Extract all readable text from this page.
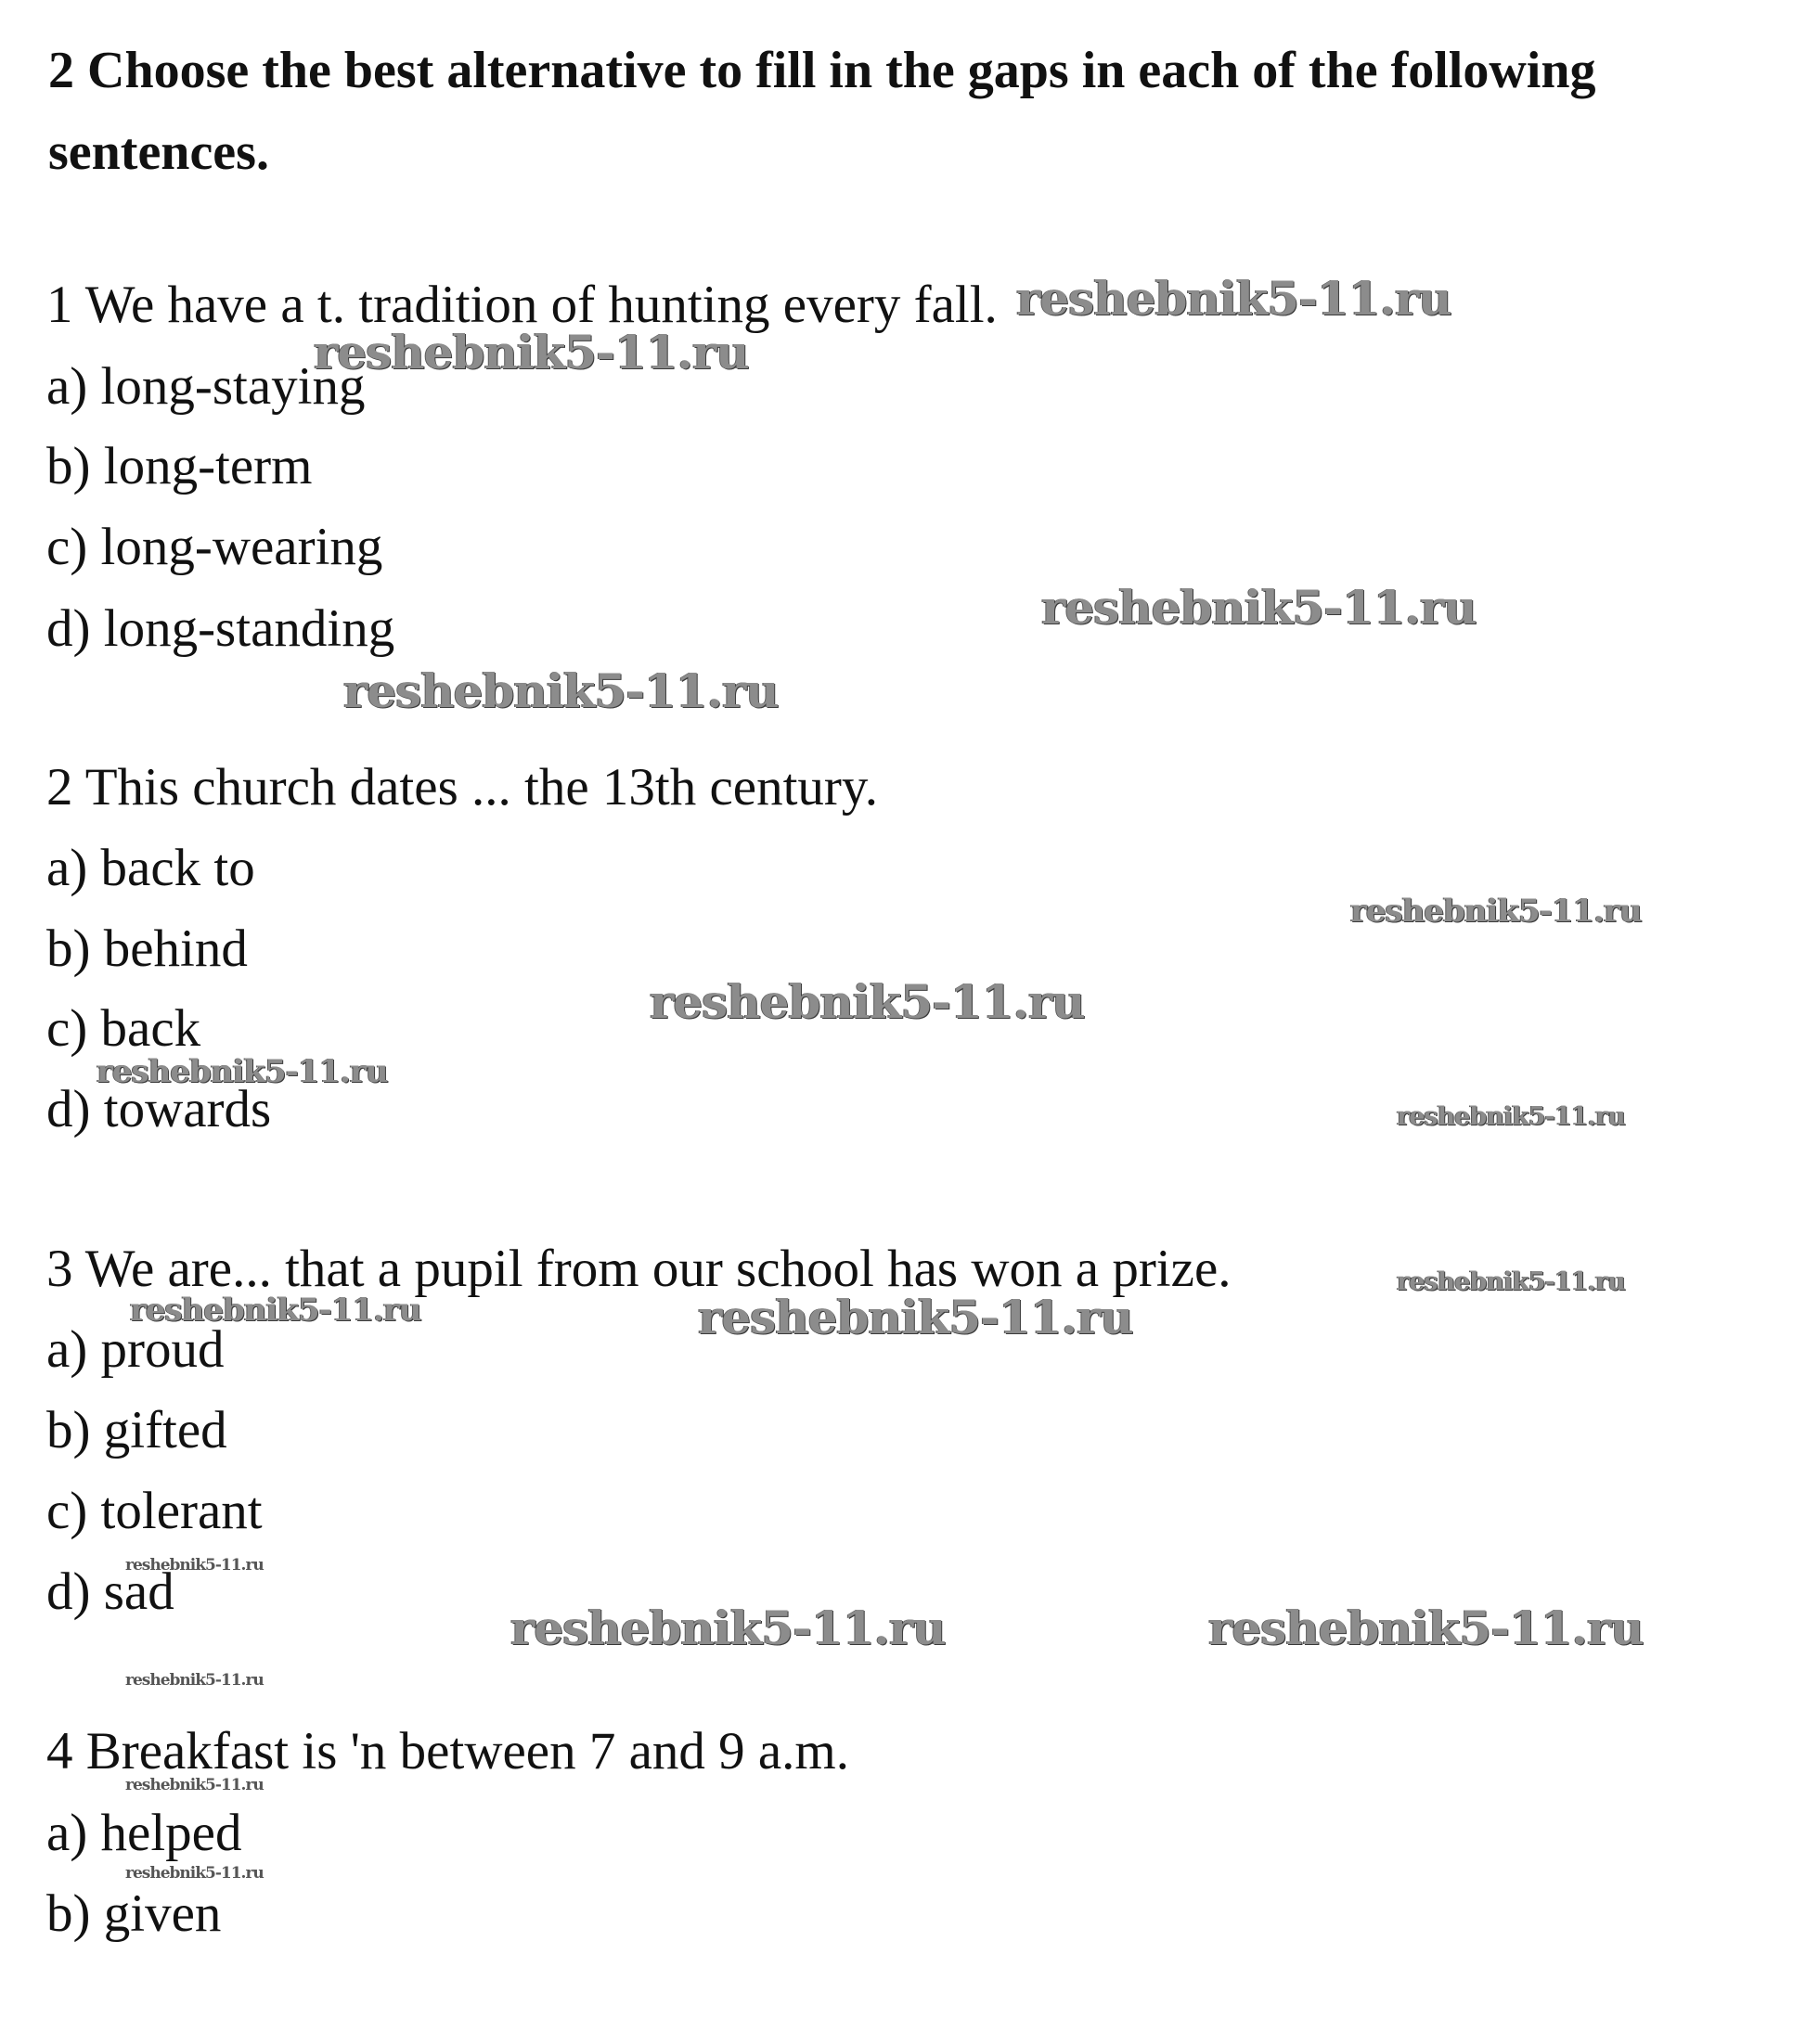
2 Choose the best alternative to fill in the gaps in each of the following sentences.
1 We have a t. tradition of hunting every fall.
a) long-staying
b) long-term
c) long-wearing
d) long-standing
2 This church dates ... the 13th century.
a) back to
b) behind
c) back
d) towards
3 We are... that a pupil from our school has won a prize.
a) proud
b) gifted
c) tolerant
d) sad
4 Breakfast is 'n between 7 and 9 a.m.
a) helped
b) given
reshebnik5-11.ru
reshebnik5-11.ru
reshebnik5-11.ru
reshebnik5-11.ru
reshebnik5-11.ru
reshebnik5-11.ru
reshebnik5-11.ru
reshebnik5-11.ru
reshebnik5-11.ru
reshebnik5-11.ru	reshebnik5-11.ru
reshebnik5-11.ru
reshebnik5-11.ru	reshebnik5-11.ru
reshebnik5-11.ru
reshebnik5-11.ru
reshebnik5-11.ru
